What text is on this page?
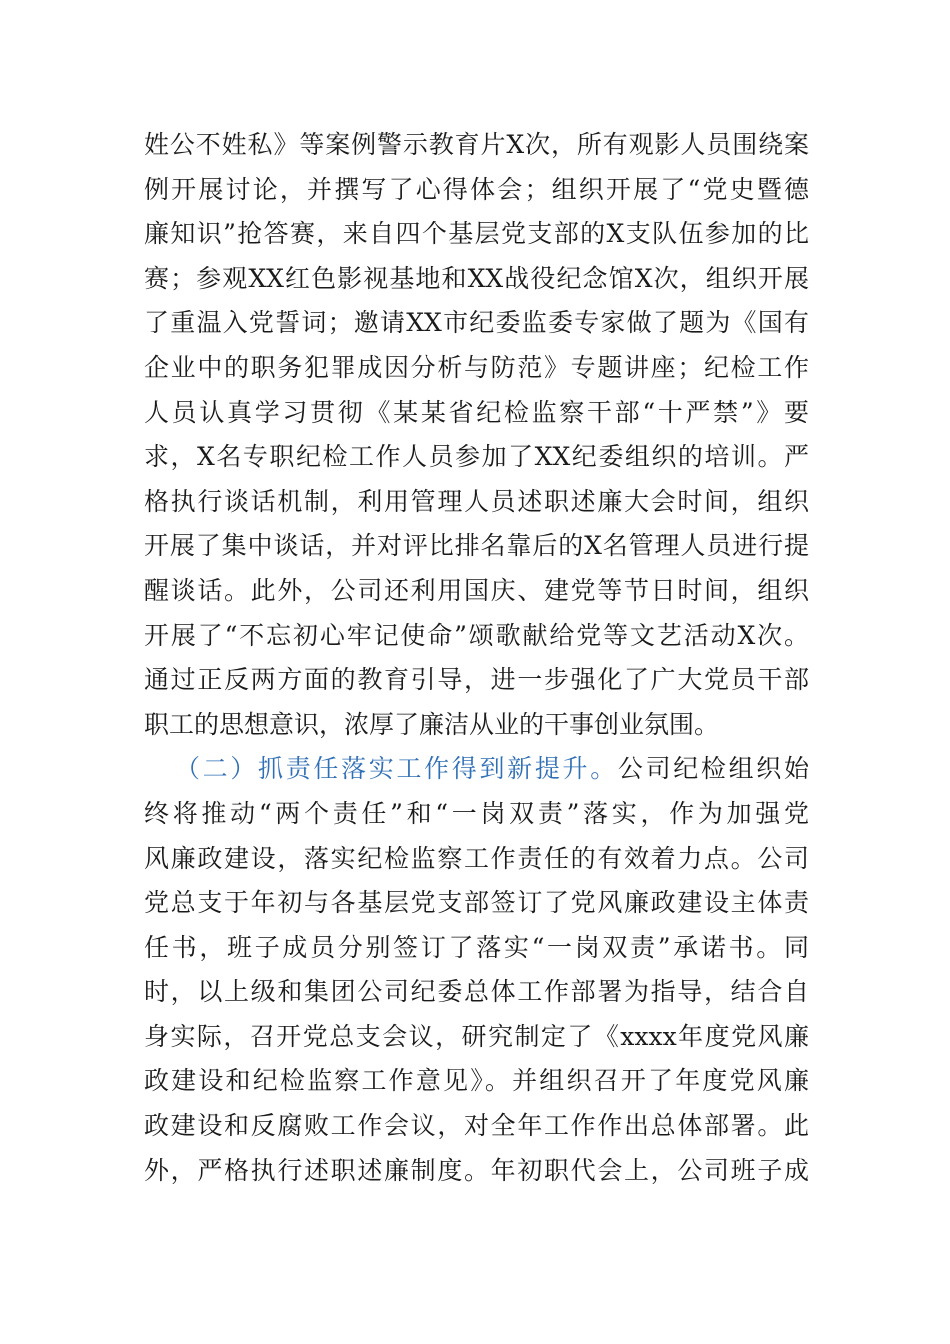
姓公不姓私》等案例警示教育片X次，所有观影人员围绕案
例开展讨论，并撰写了心得体会；组织开展了“党史暨德
廉知识”抢答赛，来自四个基层党支部的X支队伍参加的比
赛；参观XX红色影视基地和XX战役纪念馆X次，组织开展
了重温入党誓词；邀请XX市纪委监委专家做了题为《国有
企业中的职务犯罪成因分析与防范》专题讲座；纪检工作
人员认真学习贯彻《某某省纪检监察干部“十严禁”》要
求，X名专职纪检工作人员参加了XX纪委组织的培训。严
格执行谈话机制，利用管理人员述职述廉大会时间，组织
开展了集中谈话，并对评比排名靠后的X名管理人员进行提
醒谈话。此外，公司还利用国庆、建党等节日时间，组织
开展了“不忘初心牢记使命”颂歌献给党等文艺活动X次。
通过正反两方面的教育引导，进一步强化了广大党员干部
职工的思想意识，浓厚了廉洁从业的干事创业氛围。
（二）抓责任落实工作得到新提升。公司纪检组织始
终将推动“两个责任”和“一岗双责”落实，作为加强党
风廉政建设，落实纪检监察工作责任的有效着力点。公司
党总支于年初与各基层党支部签订了党风廉政建设主体责
任书，班子成员分别签订了落实“一岗双责”承诺书。同
时，以上级和集团公司纪委总体工作部署为指导，结合自
身实际，召开党总支会议，研究制定了《xxxx年度党风廉
政建设和纪检监察工作意见》。并组织召开了年度党风廉
政建设和反腐败工作会议，对全年工作作出总体部署。此
外，严格执行述职述廉制度。年初职代会上，公司班子成
